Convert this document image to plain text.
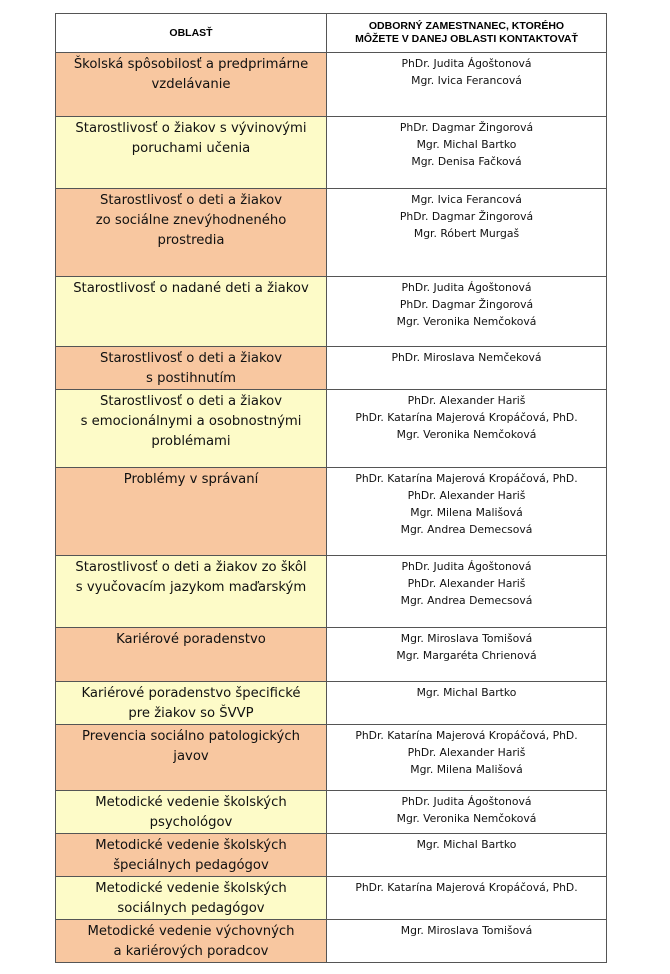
OBLASŤ	ODBORNÝ ZAMESTNANEC, KTORÉHO
MÔŽETE V DANEJ OBLASTI KONTAKTOVAŤ

Školská spôsobilosť a predprimárne
vzdelávanie	PhDr. Judita Ágoštonová
Mgr. Ivica Ferancová

Starostlivosť o žiakov s vývinovými
poruchami učenia	PhDr. Dagmar Žingorová
Mgr. Michal Bartko
Mgr. Denisa Fačková

Starostlivosť o deti a žiakov
zo sociálne znevýhodneného
prostredia	Mgr. Ivica Ferancová
PhDr. Dagmar Žingorová
Mgr. Róbert Murgaš

Starostlivosť o nadané deti a žiakov	PhDr. Judita Ágoštonová
PhDr. Dagmar Žingorová
Mgr. Veronika Nemčoková

Starostlivosť o deti a žiakov
s postihnutím	PhDr. Miroslava Nemčeková

Starostlivosť o deti a žiakov
s emocionálnymi a osobnostnými
problémami	PhDr. Alexander Hariš
PhDr. Katarína Majerová Kropáčová, PhD.
Mgr. Veronika Nemčoková

Problémy v správaní	PhDr. Katarína Majerová Kropáčová, PhD.
PhDr. Alexander Hariš
Mgr. Milena Mališová
Mgr. Andrea Demecsová

Starostlivosť o deti a žiakov zo škôl
s vyučovacím jazykom maďarským	PhDr. Judita Ágoštonová
PhDr. Alexander Hariš
Mgr. Andrea Demecsová

Kariérové poradenstvo	Mgr. Miroslava Tomišová
Mgr. Margaréta Chrienová

Kariérové poradenstvo špecifické
pre žiakov so ŠVVP	Mgr. Michal Bartko

Prevencia sociálno patologických
javov	PhDr. Katarína Majerová Kropáčová, PhD.
PhDr. Alexander Hariš
Mgr. Milena Mališová

Metodické vedenie školských
psychológov	PhDr. Judita Ágoštonová
Mgr. Veronika Nemčoková

Metodické vedenie školských
špeciálnych pedagógov	Mgr. Michal Bartko

Metodické vedenie školských
sociálnych pedagógov	PhDr. Katarína Majerová Kropáčová, PhD.

Metodické vedenie výchovných
a kariérových poradcov	Mgr. Miroslava Tomišová
